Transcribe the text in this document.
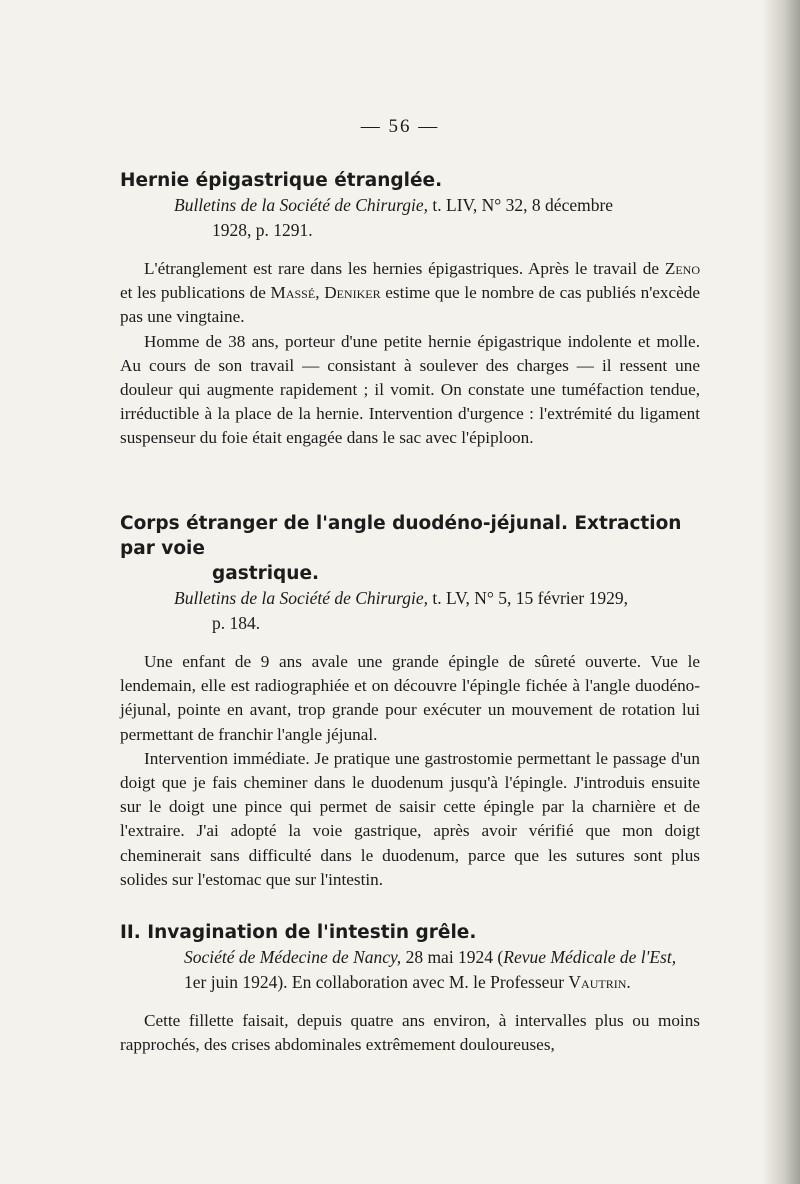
— 56 —
Hernie épigastrique étranglée.

Bulletins de la Société de Chirurgie, t. LIV, N° 32, 8 décembre

1928, p. 1291.

L'étranglement est rare dans les hernies épigastriques. Après le travail de Zeno et les publications de Massé, Deniker estime que le nombre de cas publiés n'excède pas une vingtaine.

Homme de 38 ans, porteur d'une petite hernie épigastrique indolente et molle. Au cours de son travail — consistant à soulever des charges — il ressent une douleur qui augmente rapidement ; il vomit. On constate une tuméfaction tendue, irréductible à la place de la hernie. Intervention d'urgence : l'extrémité du ligament suspenseur du foie était engagée dans le sac avec l'épiploon.

Corps étranger de l'angle duodéno-jéjunal. Extraction par voie
gastrique.

Bulletins de la Société de Chirurgie, t. LV, N° 5, 15 février 1929,

p. 184.

Une enfant de 9 ans avale une grande épingle de sûreté ouverte. Vue le lendemain, elle est radiographiée et on découvre l'épingle fichée à l'angle duodéno-jéjunal, pointe en avant, trop grande pour exécuter un mouvement de rotation lui permettant de franchir l'angle jéjunal.

Intervention immédiate. Je pratique une gastrostomie permettant le passage d'un doigt que je fais cheminer dans le duodenum jusqu'à l'épingle. J'introduis ensuite sur le doigt une pince qui permet de saisir cette épingle par la charnière et de l'extraire. J'ai adopté la voie gastrique, après avoir vérifié que mon doigt cheminerait sans difficulté dans le duodenum, parce que les sutures sont plus solides sur l'estomac que sur l'intestin.

II. Invagination de l'intestin grêle.

Société de Médecine de Nancy, 28 mai 1924 (Revue Médicale de l'Est, 1er juin 1924). En collaboration avec M. le Professeur Vautrin.

Cette fillette faisait, depuis quatre ans environ, à intervalles plus ou moins rapprochés, des crises abdominales extrêmement douloureuses,
